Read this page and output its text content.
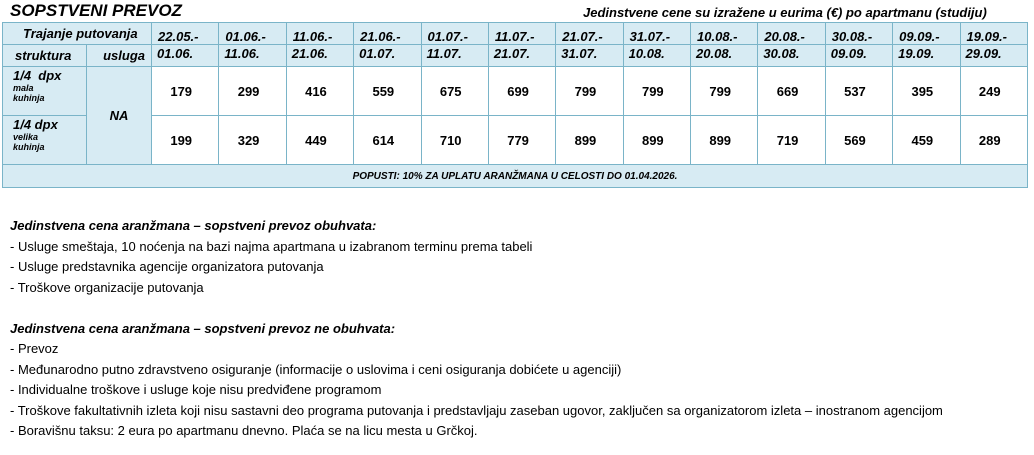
SOPSTVENI PREVOZ	Jedinstvene cene su izražene u eurima (€) po apartmanu (studiju)
Trajanje putovanja		22.05.-	01.06.-	11.06.-	21.06.-	01.07.-	11.07.-	21.07.-	31.07.-	10.08.-	20.08.-	30.08.-	09.09.-	19.09.-
struktura	usluga	01.06.	11.06.	21.06.	01.07.	11.07.	21.07.	31.07.	10.08.	20.08.	30.08.	09.09.	19.09.	29.09.

1/4  dpx
mala
kuhinja	NA	179	299	416	559	675	699	799	799	799	669	537	395	249

1/4 dpx
velika
kuhinja		199	329	449	614	710	779	899	899	899	719	569	459	289
POPUSTI: 10% ZA UPLATU ARANŽMANA U CELOSTI DO 01.04.2026.														
Jedinstvena cena aranžmana – sopstveni prevoz obuhvata:
- Usluge smeštaja, 10 noćenja na bazi najma apartmana u izabranom terminu prema tabeli
- Usluge predstavnika agencije organizatora putovanja
- Troškove organizacije putovanja
Jedinstvena cena aranžmana – sopstveni prevoz ne obuhvata:
- Prevoz
- Međunarodno putno zdravstveno osiguranje (informacije o uslovima i ceni osiguranja dobićete u agenciji)
- Individualne troškove i usluge koje nisu predviđene programom
- Troškove fakultativnih izleta koji nisu sastavni deo programa putovanja i predstavljaju zaseban ugovor, zaključen sa organizatorom izleta – inostranom agencijom
- Boravišnu taksu: 2 eura po apartmanu dnevno. Plaća se na licu mesta u Grčkoj.
